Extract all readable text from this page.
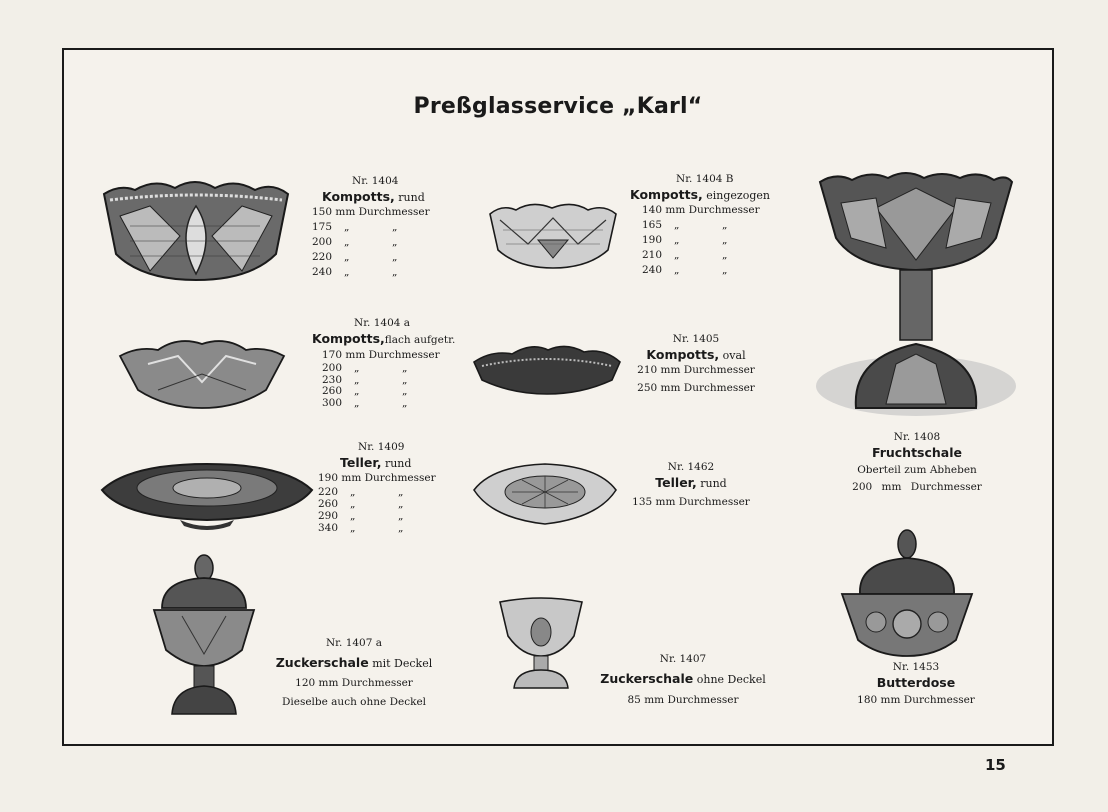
Preßglasservice „Karl“
Nr. 1404
Kompotts, rund
150 mm Durchmesser
175 „	„
200 „	„
220 „	„
240 „	„
Nr. 1404 B
Kompotts, eingezogen
140 mm Durchmesser
165 „	„
190 „	„
210 „	„
240 „	„
Nr. 1404 a
Kompotts,flach aufgetr.
170 mm Durchmesser
200 „	„
230 „	„
260 „	„
300 „	„
Nr. 1405
Kompotts, oval
210 mm Durchmesser
250 mm Durchmesser
Nr. 1409
Teller, rund
190 mm Durchmesser
220 „	„
260 „	„
290 „	„
340 „	„
Nr. 1462
Teller, rund
135 mm Durchmesser
Nr. 1408
Fruchtschale
Oberteil zum Abheben
200 mm Durchmesser
Nr. 1407 a
Zuckerschale mit Deckel
120 mm Durchmesser
Dieselbe auch ohne Deckel
Nr. 1407
Zuckerschale ohne Deckel
85 mm Durchmesser
Nr. 1453
Butterdose
180 mm Durchmesser
15
